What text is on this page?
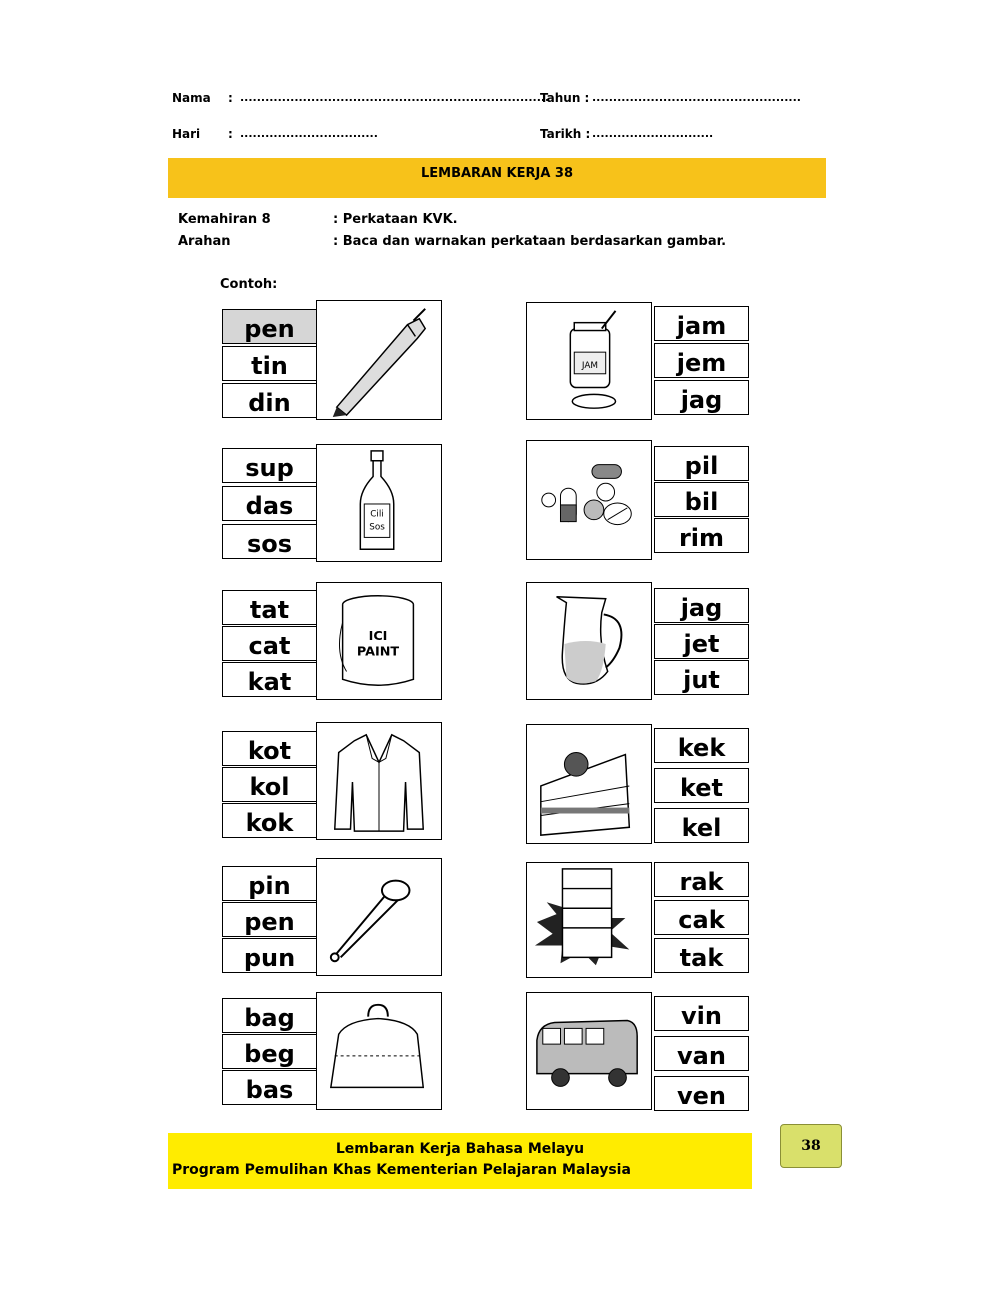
Nama : ..........................................................................
Tahun : ..................................................
Hari : .................................	Tarikh : .............................
LEMBARAN KERJA 38
Kemahiran 8	: Perkataan KVK.
Arahan	: Baca dan warnakan perkataan berdasarkan gambar.
Contoh:
pen
tin
din
JAM
jam
jem
jag
Cili
Sos
sup
das
sos
pil
bil
rim
ICI
PAINT
tat
cat
kat
jag
jet
jut
kot
kol
kok
kek
ket
kel
pin
pen
pun
rak
cak
tak
bag
beg
bas
vin
van
ven
Lembaran Kerja Bahasa Melayu
Program Pemulihan Khas Kementerian Pelajaran Malaysia
38
